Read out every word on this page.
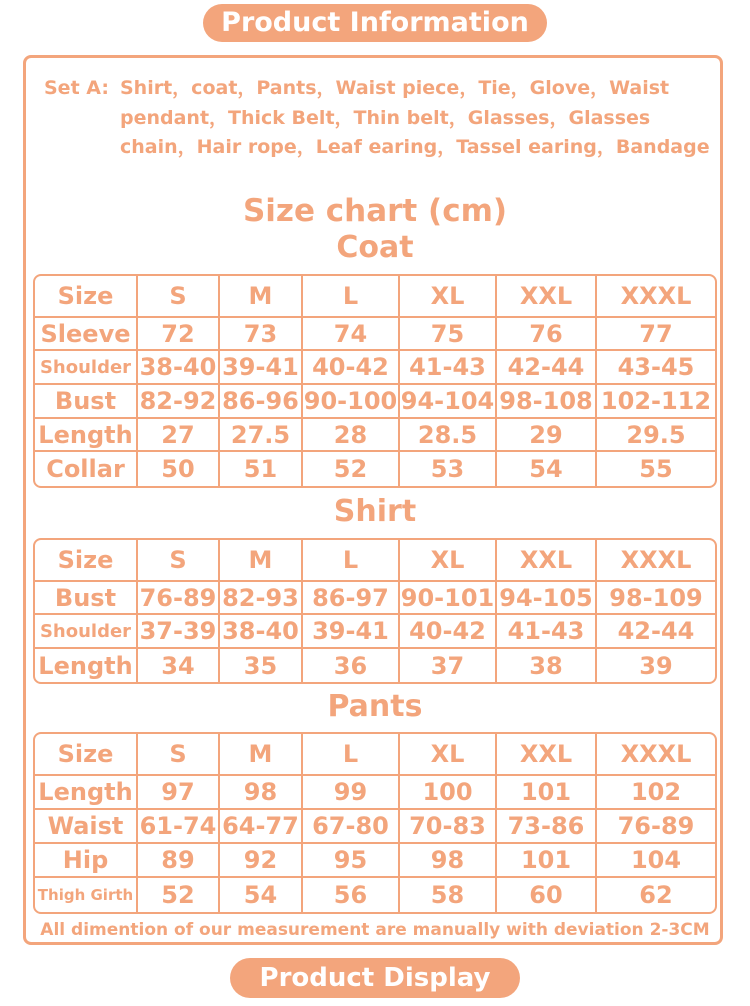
Product Information
Set A: Shirt，coat，Pants，Waist piece，Tie，Glove，Waist pendant，Thick Belt，Thin belt，Glasses，Glasses chain，Hair rope，Leaf earing，Tassel earing，Bandage
Size chart (cm)
Coat
Size	S	M	L	XL	XXL	XXXL
Sleeve	72	73	74	75	76	77
Shoulder	38-40	39-41	40-42	41-43	42-44	43-45
Bust	82-92	86-96	90-100	94-104	98-108	102-112
Length	27	27.5	28	28.5	29	29.5
Collar	50	51	52	53	54	55
Shirt
Size	S	M	L	XL	XXL	XXXL
Bust	76-89	82-93	86-97	90-101	94-105	98-109
Shoulder	37-39	38-40	39-41	40-42	41-43	42-44
Length	34	35	36	37	38	39
Pants
Size	S	M	L	XL	XXL	XXXL
Length	97	98	99	100	101	102
Waist	61-74	64-77	67-80	70-83	73-86	76-89
Hip	89	92	95	98	101	104
Thigh Girth	52	54	56	58	60	62
All dimention of our measurement are manually with deviation 2-3CM
Product Display
